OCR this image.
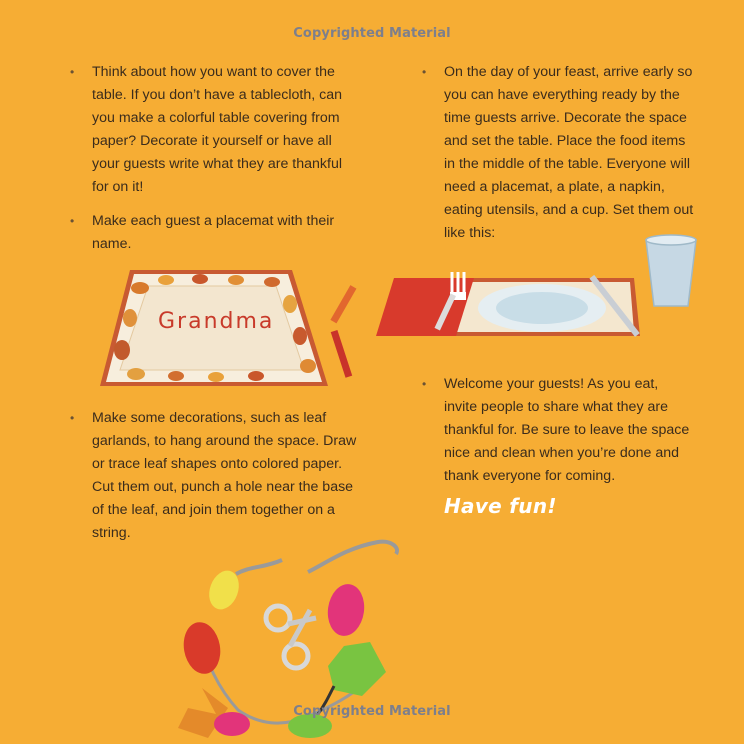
Copyrighted Material
• Think about how you want to cover the table. If you don’t have a tablecloth, can you make a colorful table covering from paper? Decorate it yourself or have all your guests write what they are thankful for on it!
• Make each guest a placemat with their name.
Grandma
• Make some decorations, such as leaf garlands, to hang around the space. Draw or trace leaf shapes onto colored paper. Cut them out, punch a hole near the base of the leaf, and join them together on a string.
• On the day of your feast, arrive early so you can have everything ready by the time guests arrive. Decorate the space and set the table. Place the food items in the middle of the table. Everyone will need a placemat, a plate, a napkin, eating utensils, and a cup. Set them out like this:
• Welcome your guests! As you eat, invite people to share what they are thankful for. Be sure to leave the space nice and clean when you’re done and thank everyone for coming.
Have fun!
Copyrighted Material
